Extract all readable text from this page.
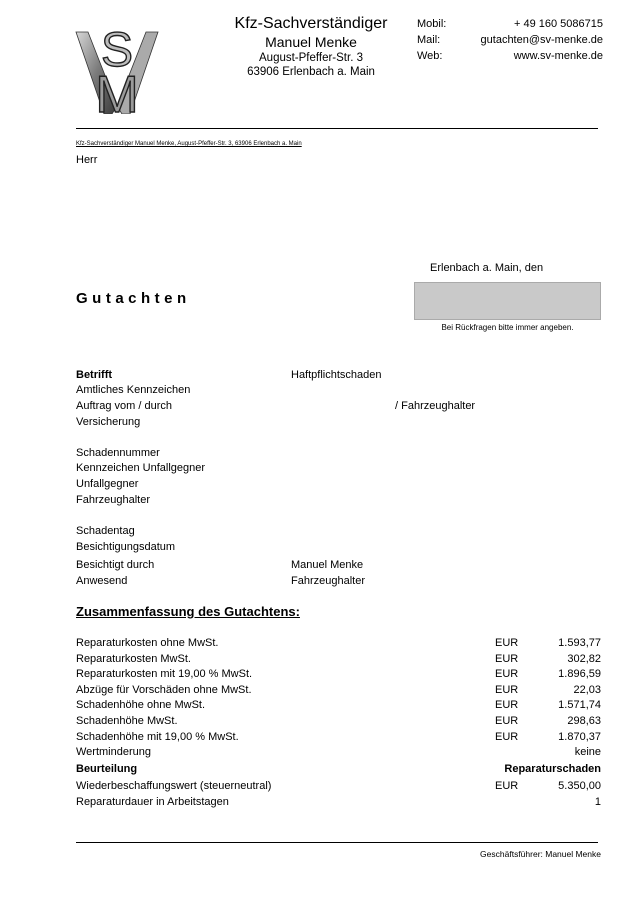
S
M
V
Kfz-Sachverständiger
Manuel Menke
August-Pfeffer-Str. 3
63906 Erlenbach a. Main
Mobil:	+ 49 160 5086715
Mail:	gutachten@sv-menke.de
Web:	www.sv-menke.de
Kfz-Sachverständiger Manuel Menke, August-Pfeffer-Str. 3, 63906 Erlenbach a. Main
Herr
Erlenbach a. Main, den
Gutachten
Bei Rückfragen bitte immer angeben.
Betrifft	Haftpflichtschaden
Amtliches Kennzeichen
Auftrag vom / durch	/ Fahrzeughalter
Versicherung
Schadennummer
Kennzeichen Unfallgegner
Unfallgegner
Fahrzeughalter
Schadentag
Besichtigungsdatum
Besichtigt durch	Manuel Menke
Anwesend	Fahrzeughalter
Zusammenfassung des Gutachtens:
Reparaturkosten ohne MwSt.	EUR	1.593,77
Reparaturkosten MwSt.	EUR	302,82
Reparaturkosten mit 19,00 % MwSt.	EUR	1.896,59
Abzüge für Vorschäden ohne MwSt.	EUR	22,03
Schadenhöhe ohne MwSt.	EUR	1.571,74
Schadenhöhe MwSt.	EUR	298,63
Schadenhöhe mit 19,00 % MwSt.	EUR	1.870,37
Wertminderung	keine
Beurteilung	Reparaturschaden
Wiederbeschaffungswert (steuerneutral)	EUR	5.350,00
Reparaturdauer in Arbeitstagen	1
Geschäftsführer: Manuel Menke
